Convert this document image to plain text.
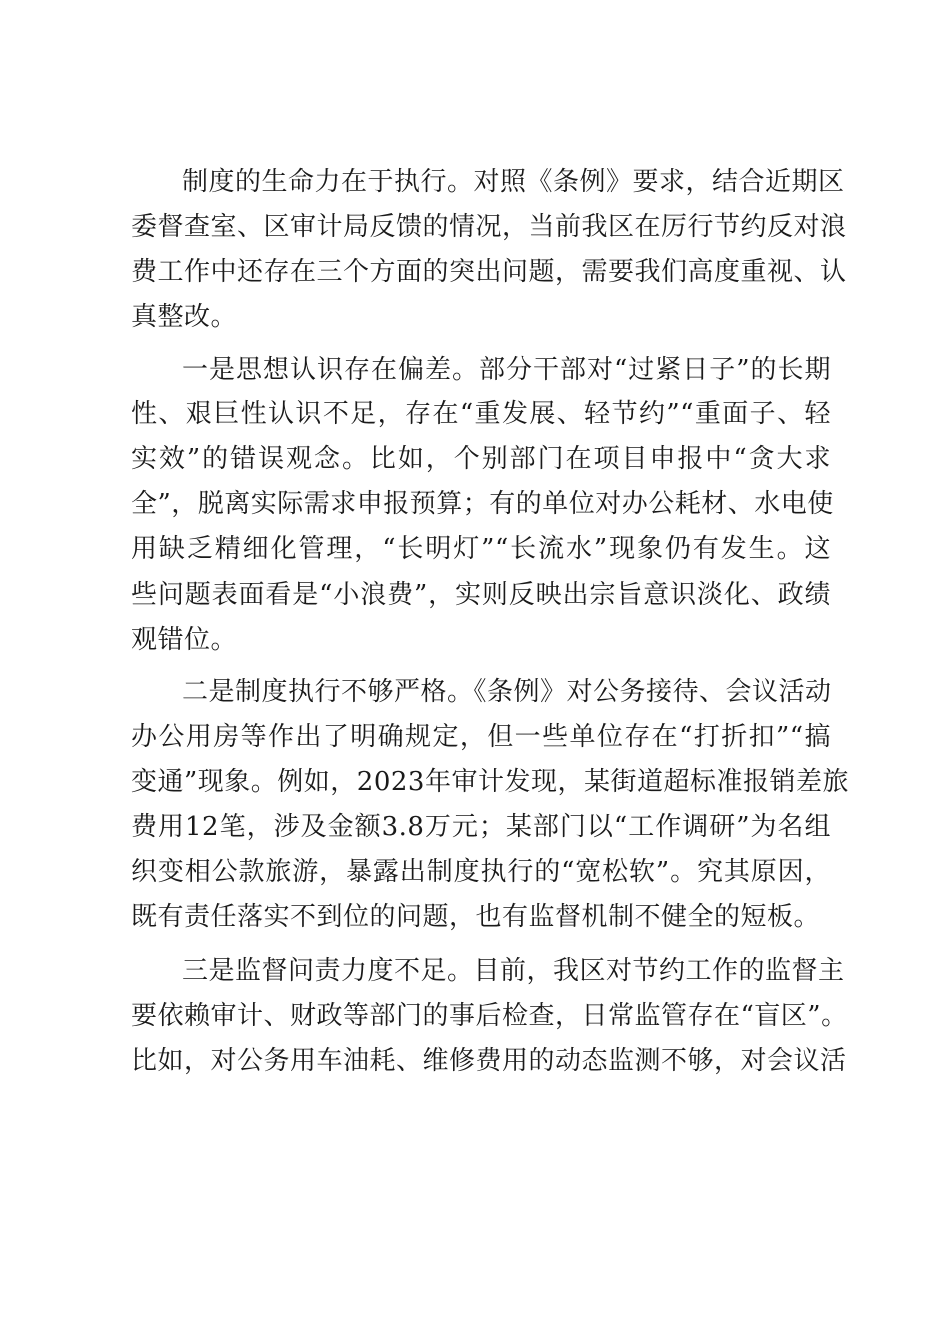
制度的生命力在于执行。对照《条例》要求，结合近期区
委督查室、区审计局反馈的情况，当前我区在厉行节约反对浪
费工作中还存在三个方面的突出问题，需要我们高度重视、认
真整改。
一是思想认识存在偏差。部分干部对“过紧日子”的长期
性、艰巨性认识不足，存在“重发展、轻节约”“重面子、轻
实效”的错误观念。比如，个别部门在项目申报中“贪大求
全”，脱离实际需求申报预算；有的单位对办公耗材、水电使
用缺乏精细化管理，“长明灯”“长流水”现象仍有发生。这
些问题表面看是“小浪费”，实则反映出宗旨意识淡化、政绩
观错位。
二是制度执行不够严格。《条例》对公务接待、会议活动
办公用房等作出了明确规定，但一些单位存在“打折扣”“搞
变通”现象。例如，2023年审计发现，某街道超标准报销差旅
费用12笔，涉及金额3.8万元；某部门以“工作调研”为名组
织变相公款旅游，暴露出制度执行的“宽松软”。究其原因，
既有责任落实不到位的问题，也有监督机制不健全的短板。
三是监督问责力度不足。目前，我区对节约工作的监督主
要依赖审计、财政等部门的事后检查，日常监管存在“盲区”。
比如，对公务用车油耗、维修费用的动态监测不够，对会议活
